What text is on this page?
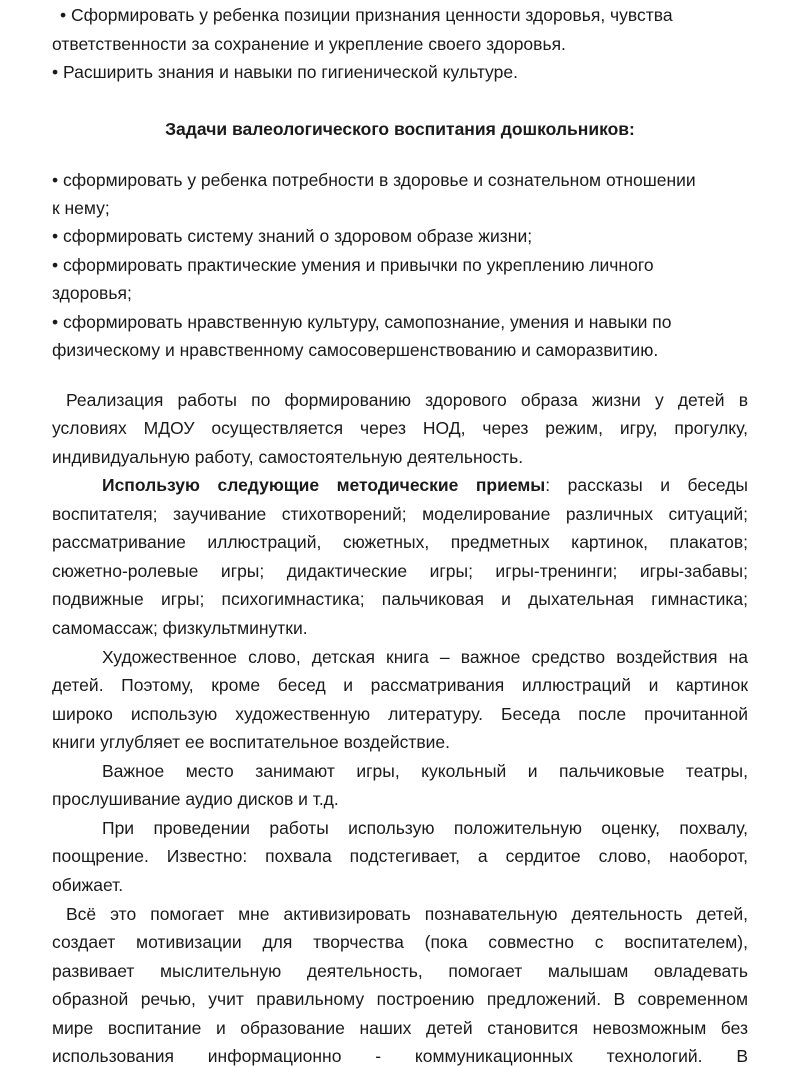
• Сформировать у ребенка позиции признания ценности здоровья, чувства
ответственности за сохранение и укрепление своего здоровья.
• Расширить знания и навыки по гигиенической культуре.
Задачи валеологического воспитания дошкольников:
• сформировать у ребенка потребности в здоровье и сознательном отношении
к нему;
• сформировать систему знаний о здоровом образе жизни;
• сформировать практические умения и привычки по укреплению личного
здоровья;
• сформировать нравственную культуру, самопознание, умения и навыки по
физическому и нравственному самосовершенствованию и саморазвитию.
Реализация работы по формированию здорового образа жизни у детей в
условиях МДОУ осуществляется через НОД, через режим, игру, прогулку,
индивидуальную работу, самостоятельную деятельность.
Использую следующие методические приемы: рассказы и беседы
воспитателя; заучивание стихотворений; моделирование различных ситуаций;
рассматривание иллюстраций, сюжетных, предметных картинок, плакатов;
сюжетно-ролевые игры; дидактические игры; игры-тренинги; игры-забавы;
подвижные игры; психогимнастика; пальчиковая и дыхательная гимнастика;
самомассаж; физкультминутки.
Художественное слово, детская книга – важное средство воздействия на
детей. Поэтому, кроме бесед и рассматривания иллюстраций и картинок
широко использую художественную литературу. Беседа после прочитанной
книги углубляет ее воспитательное воздействие.
Важное место занимают игры, кукольный и пальчиковые театры,
прослушивание аудио дисков и т.д.
При проведении работы использую положительную оценку, похвалу,
поощрение. Известно: похвала подстегивает, а сердитое слово, наоборот,
обижает.
Всё это помогает мне активизировать познавательную деятельность детей,
создает мотивизации для творчества (пока совместно с воспитателем),
развивает мыслительную деятельность, помогает малышам овладевать
образной речью, учит правильному построению предложений. В современном
мире воспитание и образование наших детей становится невозможным без
использования информационно - коммуникационных технологий. В
